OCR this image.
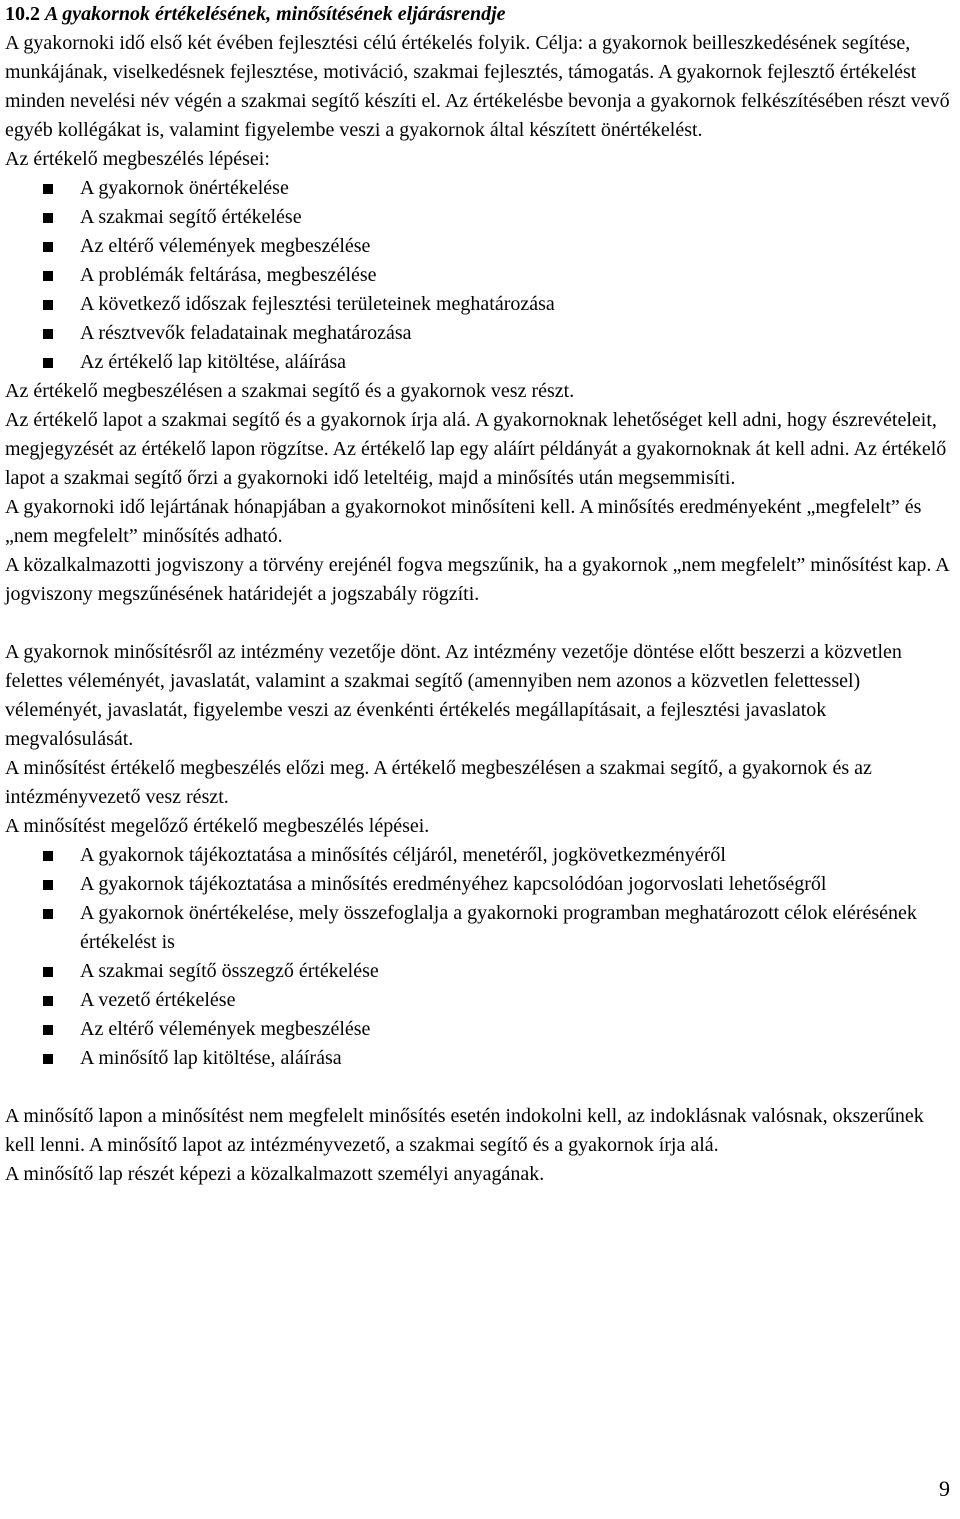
10.2 A gyakornok értékelésének, minősítésének eljárásrendje

A gyakornoki idő első két évében fejlesztési célú értékelés folyik. Célja: a gyakornok beilleszkedésének segítése, munkájának, viselkedésnek fejlesztése, motiváció, szakmai fejlesztés, támogatás. A gyakornok fejlesztő értékelést minden nevelési név végén a szakmai segítő készíti el. Az értékelésbe bevonja a gyakornok felkészítésében részt vevő egyéb kollégákat is, valamint figyelembe veszi a gyakornok által készített önértékelést.

Az értékelő megbeszélés lépései:

A gyakornok önértékelése
A szakmai segítő értékelése
Az eltérő vélemények megbeszélése
A problémák feltárása, megbeszélése
A következő időszak fejlesztési területeinek meghatározása
A résztvevők feladatainak meghatározása
Az értékelő lap kitöltése, aláírása

Az értékelő megbeszélésen a szakmai segítő és a gyakornok vesz részt.

Az értékelő lapot a szakmai segítő és a gyakornok írja alá. A gyakornoknak lehetőséget kell adni, hogy észrevételeit, megjegyzését az értékelő lapon rögzítse. Az értékelő lap egy aláírt példányát a gyakornoknak át kell adni. Az értékelő lapot a szakmai segítő őrzi a gyakornoki idő leteltéig, majd a minősítés után megsemmisíti.

A gyakornoki idő lejártának hónapjában a gyakornokot minősíteni kell. A minősítés eredményeként „megfelelt” és „nem megfelelt” minősítés adható.

A közalkalmazotti jogviszony a törvény erejénél fogva megszűnik, ha a gyakornok „nem megfelelt” minősítést kap. A jogviszony megszűnésének határidejét a jogszabály rögzíti.

A gyakornok minősítésről az intézmény vezetője dönt. Az intézmény vezetője döntése előtt beszerzi a közvetlen felettes véleményét, javaslatát, valamint a szakmai segítő (amennyiben nem azonos a közvetlen felettessel) véleményét, javaslatát, figyelembe veszi az évenkénti értékelés megállapításait, a fejlesztési javaslatok megvalósulását.

A minősítést értékelő megbeszélés előzi meg. A értékelő megbeszélésen a szakmai segítő, a gyakornok és az intézményvezető vesz részt.

A minősítést megelőző értékelő megbeszélés lépései.

A gyakornok tájékoztatása a minősítés céljáról, menetéről, jogkövetkezményéről
A gyakornok tájékoztatása a minősítés eredményéhez kapcsolódóan jogorvoslati lehetőségről
A gyakornok önértékelése, mely összefoglalja a gyakornoki programban meghatározott célok elérésének értékelést is
A szakmai segítő összegző értékelése
A vezető értékelése
Az eltérő vélemények megbeszélése
A minősítő lap kitöltése, aláírása

A minősítő lapon a minősítést nem megfelelt minősítés esetén indokolni kell, az indoklásnak valósnak, okszerűnek kell lenni. A minősítő lapot az intézményvezető, a szakmai segítő és a gyakornok írja alá.

A minősítő lap részét képezi a közalkalmazott személyi anyagának.

9
